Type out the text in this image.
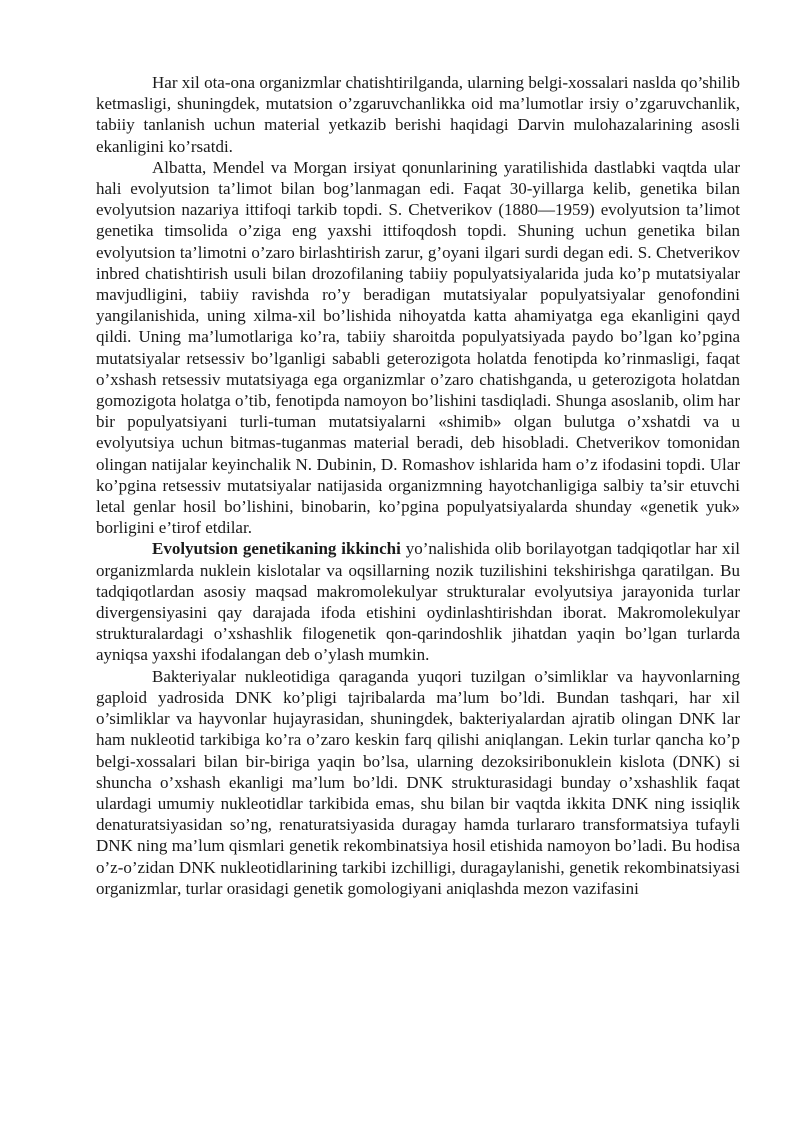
Har xil ota-ona organizmlar chatishtirilganda, ularning belgi-xossalari naslda qo’shilib ketmasligi, shuningdek, mutatsion o’zgaruvchanlikka oid ma’lumotlar irsiy o’zgaruvchanlik, tabiiy tanlanish uchun material yetkazib berishi haqidagi Darvin mulohazalarining asosli ekanligini ko’rsatdi.

Albatta, Mendel va Morgan irsiyat qonunlarining yaratilishida dastlabki vaqtda ular hali evolyutsion ta’limot bilan bog’lanmagan edi. Faqat 30-yillarga kelib, genetika bilan evolyutsion nazariya ittifoqi tarkib topdi. S. Chetverikov (1880—1959) evolyutsion ta’limot genetika timsolida o’ziga eng yaxshi ittifoqdosh topdi. Shuning uchun genetika bilan evolyutsion ta’limotni o’zaro birlashtirish zarur, g’oyani ilgari surdi degan edi. S. Chetverikov inbred chatishtirish usuli bilan drozofilaning tabiiy populyatsiyalarida juda ko’p mutatsiyalar mavjudligini, tabiiy ravishda ro’y beradigan mutatsiyalar populyatsiyalar genofondini yangilanishida, uning xilma-xil bo’lishida nihoyatda katta ahamiyatga ega ekanligini qayd qildi. Uning ma’lumotlariga ko’ra, tabiiy sharoitda populyatsiyada paydo bo’lgan ko’pgina mutatsiyalar retsessiv bo’lganligi sababli geterozigota holatda fenotipda ko’rinmasligi, faqat o’xshash retsessiv mutatsiyaga ega organizmlar o’zaro chatishganda, u geterozigota holatdan gomozigota holatga o’tib, fenotipda namoyon bo’lishini tasdiqladi. Shunga asoslanib, olim har bir populyatsiyani turli-tuman mutatsiyalarni «shimib» olgan bulutga o’xshatdi va u evolyutsiya uchun bitmas-tuganmas material beradi, deb hisobladi. Chetverikov tomonidan olingan natijalar keyinchalik N. Dubinin, D. Romashov ishlarida ham o’z ifodasini topdi. Ular ko’pgina retsessiv mutatsiyalar natijasida organizmning hayotchanligiga salbiy ta’sir etuvchi letal genlar hosil bo’lishini, binobarin, ko’pgina populyatsiyalarda shunday «genetik yuk» borligini e’tirof etdilar.

Evolyutsion genetikaning ikkinchi yo’nalishida olib borilayotgan tadqiqotlar har xil organizmlarda nuklein kislotalar va oqsillarning nozik tuzilishini tekshirishga qaratilgan. Bu tadqiqotlardan asosiy maqsad makromolekulyar strukturalar evolyutsiya jarayonida turlar divergensiyasini qay darajada ifoda etishini oydinlashtirishdan iborat. Makromolekulyar strukturalardagi o’xshashlik filogenetik qon-qarindoshlik jihatdan yaqin bo’lgan turlarda ayniqsa yaxshi ifodalangan deb o’ylash mumkin.

Bakteriyalar nukleotidiga qaraganda yuqori tuzilgan o’simliklar va hayvonlarning gaploid yadrosida DNK ko’pligi tajribalarda ma’lum bo’ldi. Bundan tashqari, har xil o’simliklar va hayvonlar hujayrasidan, shuningdek, bakteriyalardan ajratib olingan DNK lar ham nukleotid tarkibiga ko’ra o’zaro keskin farq qilishi aniqlangan. Lekin turlar qancha ko’p belgi-xossalari bilan bir-biriga yaqin bo’lsa, ularning dezoksiribonuklein kislota (DNK) si shuncha o’xshash ekanligi ma’lum bo’ldi. DNK strukturasidagi bunday o’xshashlik faqat ulardagi umumiy nukleotidlar tarkibida emas, shu bilan bir vaqtda ikkita DNK ning issiqlik denaturatsiyasidan so’ng, renaturatsiyasida duragay hamda turlararo transformatsiya tufayli DNK ning ma’lum qismlari genetik rekombinatsiya hosil etishida namoyon bo’ladi. Bu hodisa o’z-o’zidan DNK nukleotidlarining tarkibi izchilligi, duragaylanishi, genetik rekombinatsiyasi organizmlar, turlar orasidagi genetik gomologiyani aniqlashda mezon vazifasini
